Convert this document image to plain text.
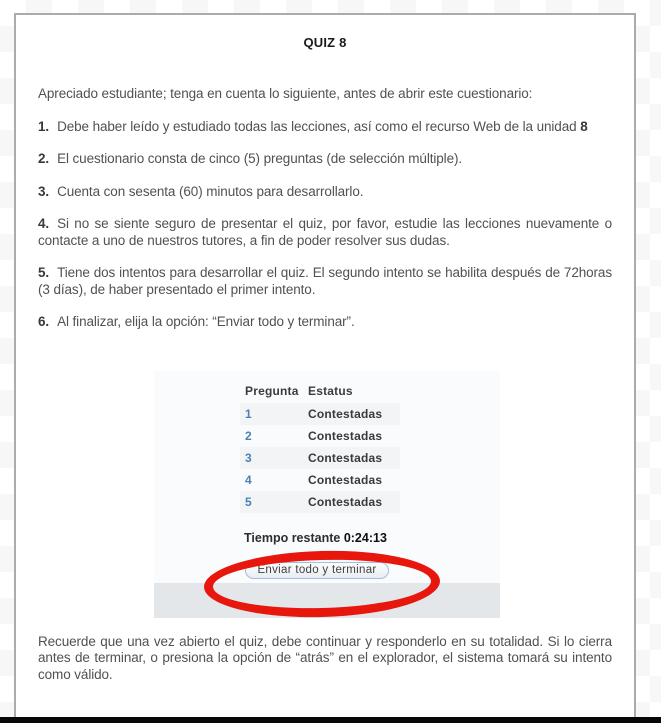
QUIZ 8

Apreciado estudiante; tenga en cuenta lo siguiente, antes de abrir este cuestionario:

1. Debe haber leído y estudiado todas las lecciones, así como el recurso Web de la unidad 8

2. El cuestionario consta de cinco (5) preguntas (de selección múltiple).

3. Cuenta con sesenta (60) minutos para desarrollarlo.

4. Si no se siente seguro de presentar el quiz, por favor, estudie las lecciones nuevamente o contacte a uno de nuestros tutores, a fin de poder resolver sus dudas.

5. Tiene dos intentos para desarrollar el quiz. El segundo intento se habilita después de 72horas (3 días), de haber presentado el primer intento.

6. Al finalizar, elija la opción: “Enviar todo y terminar”.

Pregunta Estatus
1	Contestadas
2	Contestadas
3	Contestadas
4	Contestadas
5	Contestadas
Tiempo restante 0:24:13
Enviar todo y terminar

Recuerde que una vez abierto el quiz, debe continuar y responderlo en su totalidad. Si lo cierra antes de terminar, o presiona la opción de “atrás” en el explorador, el sistema tomará su intento como válido.
